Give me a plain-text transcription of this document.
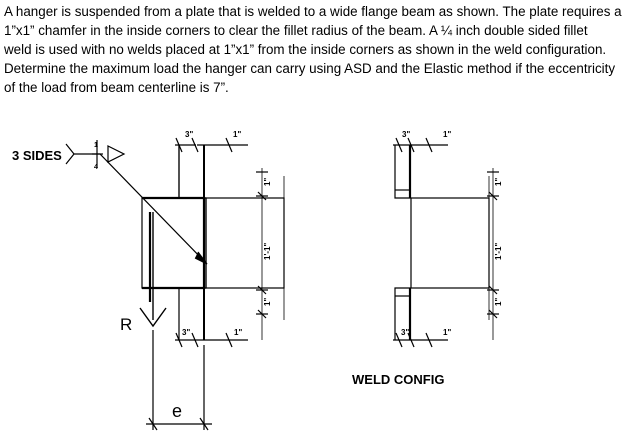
A hanger is suspended from a plate that is welded to a wide flange beam as shown. The plate requires a
1”x1” chamfer in the inside corners to clear the fillet radius of the beam. A ¼ inch double sided fillet
weld is used with no welds placed at 1”x1” from the inside corners as shown in the weld configuration.
Determine the maximum load the hanger can carry using ASD and the Elastic method if the eccentricity
of the load from beam centerline is 7”.
3 SIDES
1
4
3"	1"
3"	1"
1"
1'-1"
1"
R
e
3"	1"
3"	1"
1"
1'-1"
1"
WELD CONFIG
